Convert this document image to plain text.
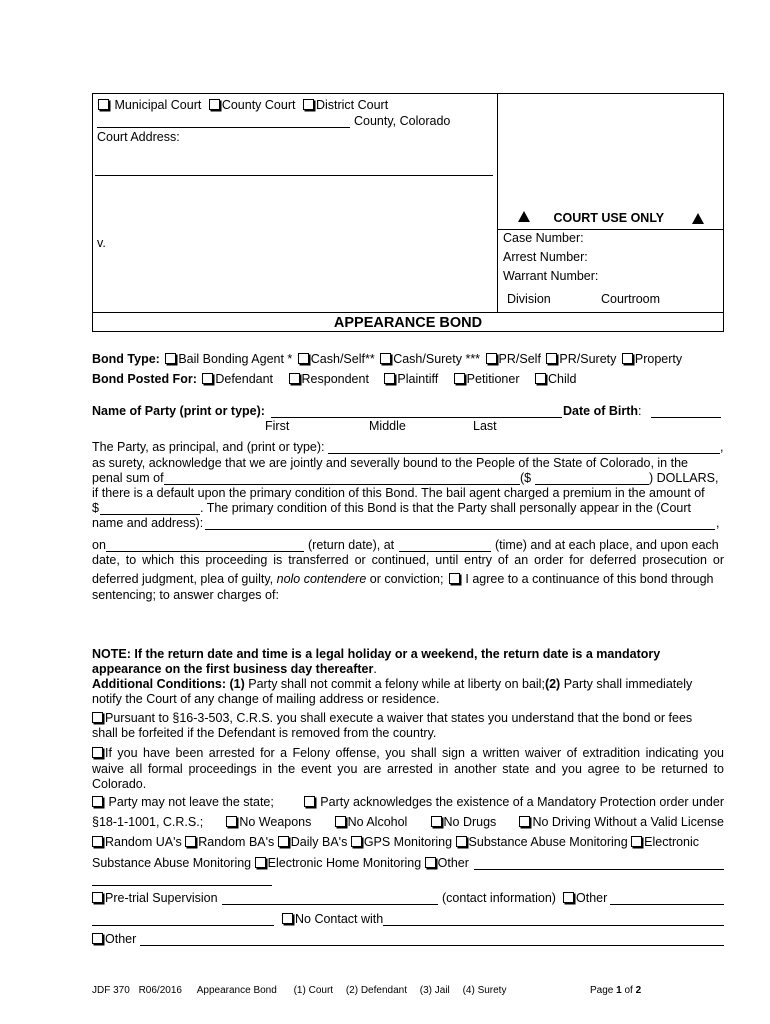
Municipal Court County Court District Court
County, Colorado
Court Address:
v.
COURT USE ONLY
Case Number:
Arrest Number:
Warrant Number:
Division	Courtroom
APPEARANCE BOND
Bond Type: Bail Bonding Agent * Cash/Self** Cash/Surety *** PR/Self PR/Surety Property
Bond Posted For: Defendant Respondent Plaintiff Petitioner Child
Name of Party (print or type):	Date of Birth:
First	Middle	Last
The Party, as principal, and (print or type):	,
as surety, acknowledge that we are jointly and severally bound to the People of the State of Colorado, in the
penal sum of	($	) DOLLARS,
if there is a default upon the primary condition of this Bond. The bail agent charged a premium in the amount of
$	. The primary condition of this Bond is that the Party shall personally appear in the (Court
name and address):	,
on	(return date), at	(time) and at each place, and upon each
date, to which this proceeding is transferred or continued, until entry of an order for deferred prosecution or
deferred judgment, plea of guilty, nolo contendere or conviction; I agree to a continuance of this bond through
sentencing; to answer charges of:
NOTE: If the return date and time is a legal holiday or a weekend, the return date is a mandatory
appearance on the first business day thereafter.
Additional Conditions: (1) Party shall not commit a felony while at liberty on bail;(2) Party shall immediately
notify the Court of any change of mailing address or residence.
Pursuant to §16-3-503, C.R.S. you shall execute a waiver that states you understand that the bond or fees
shall be forfeited if the Defendant is removed from the country.
If you have been arrested for a Felony offense, you shall sign a written waiver of extradition indicating you
waive all formal proceedings in the event you are arrested in another state and you agree to be returned to
Colorado.
Party may not leave the state;	Party acknowledges the existence of a Mandatory Protection order under
§18-1-1001, C.R.S.;	No Weapons	No Alcohol	No Drugs	No Driving Without a Valid License
Random UA's Random BA's Daily BA's GPS Monitoring Substance Abuse Monitoring Electronic
Substance Abuse Monitoring Electronic Home Monitoring Other
Pre-trial Supervision	(contact information)	Other
No Contact with
Other
JDF 370 R06/2016 Appearance Bond (1) Court (2) Defendant (3) Jail (4) Surety	Page 1 of 2
